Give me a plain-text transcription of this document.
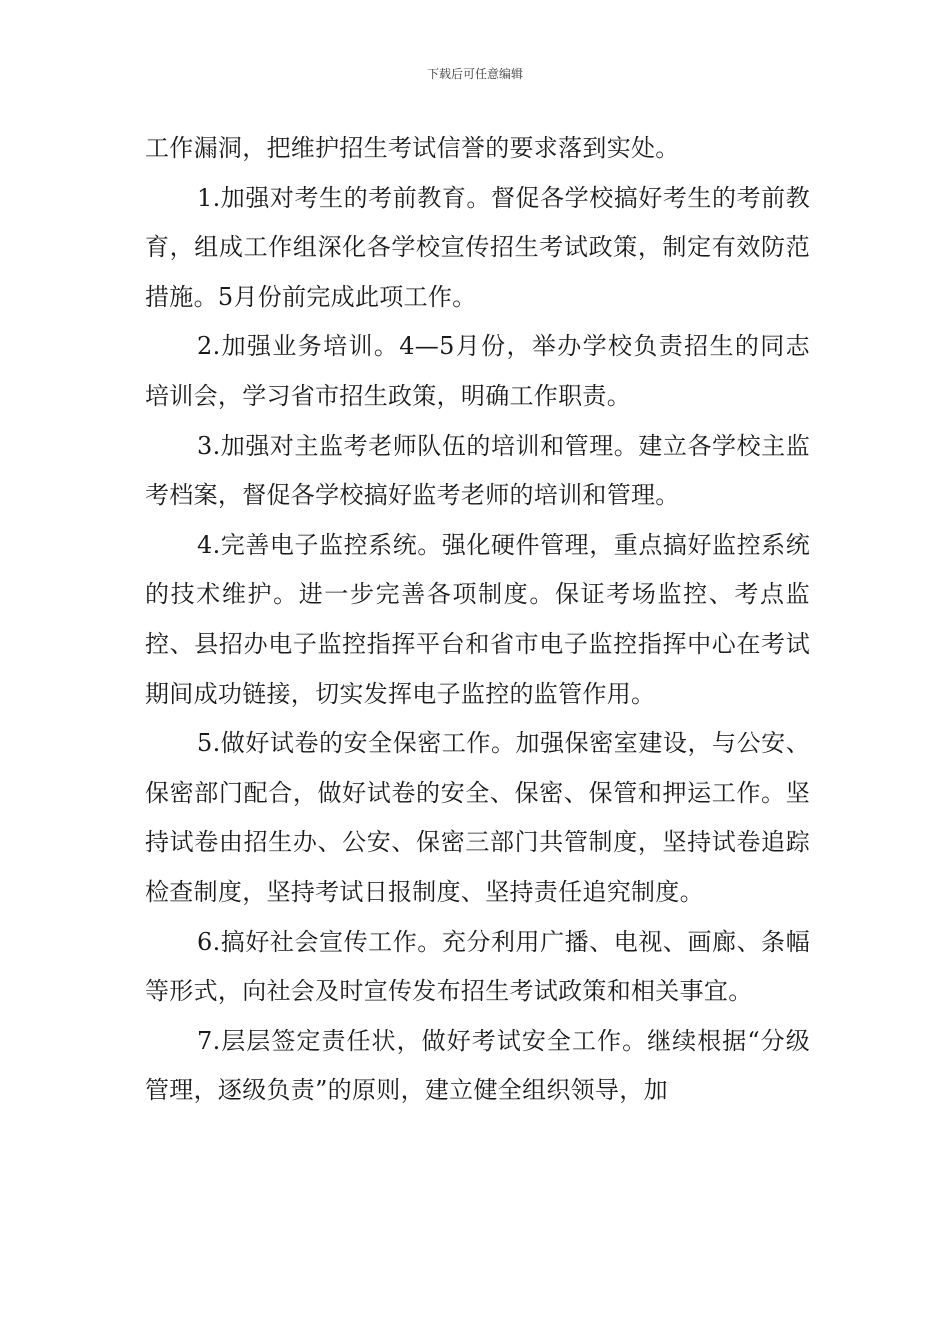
下载后可任意编辑

工作漏洞，把维护招生考试信誉的要求落到实处。

1.加强对考生的考前教育。督促各学校搞好考生的考前教育，组成工作组深化各学校宣传招生考试政策，制定有效防范措施。5月份前完成此项工作。

2.加强业务培训。4—5月份，举办学校负责招生的同志培训会，学习省市招生政策，明确工作职责。

3.加强对主监考老师队伍的培训和管理。建立各学校主监考档案，督促各学校搞好监考老师的培训和管理。

4.完善电子监控系统。强化硬件管理，重点搞好监控系统的技术维护。进一步完善各项制度。保证考场监控、考点监控、县招办电子监控指挥平台和省市电子监控指挥中心在考试期间成功链接，切实发挥电子监控的监管作用。

5.做好试卷的安全保密工作。加强保密室建设，与公安、保密部门配合，做好试卷的安全、保密、保管和押运工作。坚持试卷由招生办、公安、保密三部门共管制度，坚持试卷追踪检查制度，坚持考试日报制度、坚持责任追究制度。

6.搞好社会宣传工作。充分利用广播、电视、画廊、条幅等形式，向社会及时宣传发布招生考试政策和相关事宜。

7.层层签定责任状，做好考试安全工作。继续根据“分级管理，逐级负责”的原则，建立健全组织领导，加
